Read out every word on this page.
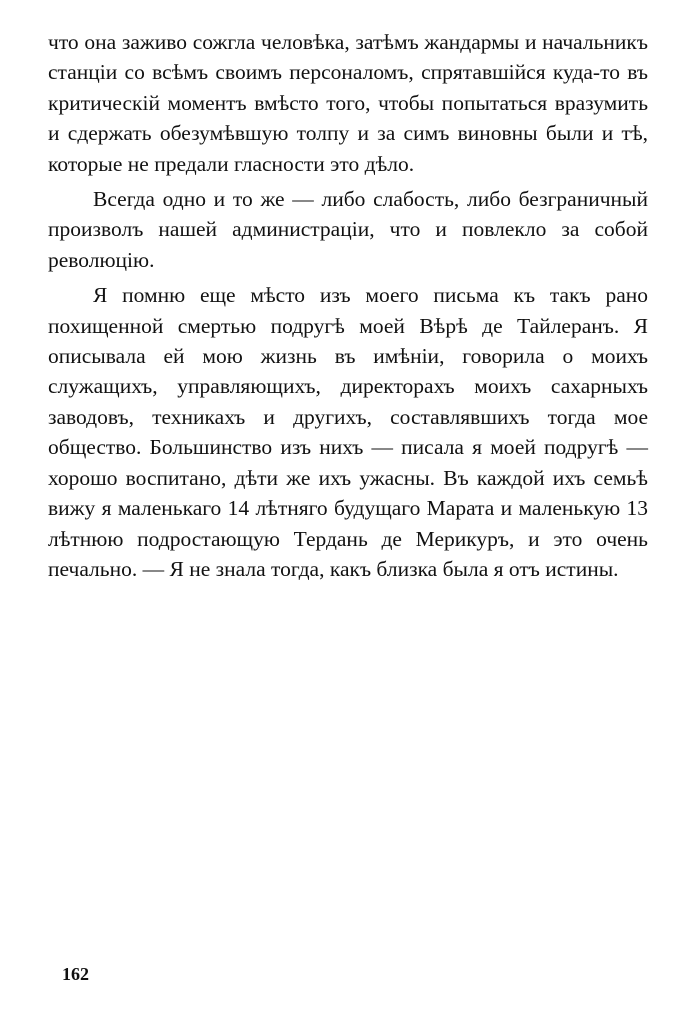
что она заживо сожгла человѣка, затѣмъ жандармы и начальникъ станціи со всѣмъ своимъ персоналомъ, спрятавшійся куда-то въ критическій моментъ вмѣсто того, чтобы попытаться вразумить и сдержать обезумѣвшую толпу и за симъ виновны были и тѣ, которые не предали гласности это дѣло.

Всегда одно и то же — либо слабость, либо безграничный произволъ нашей администраціи, что и повлекло за собой революцію.

Я помню еще мѣсто изъ моего письма къ такъ рано похищенной смертью подругѣ моей Вѣрѣ де Тайлеранъ. Я описывала ей мою жизнь въ имѣніи, говорила о моихъ служащихъ, управляющихъ, директорахъ моихъ сахарныхъ заводовъ, техникахъ и другихъ, составлявшихъ тогда мое общество. Большинство изъ нихъ — писала я моей подругѣ — хорошо воспитано, дѣти же ихъ ужасны. Въ каждой ихъ семьѣ вижу я маленькаго 14 лѣтняго будущаго Марата и маленькую 13 лѣтнюю подростающую Тердань де Мерикуръ, и это очень печально. — Я не знала тогда, какъ близка была я отъ истины.

162
